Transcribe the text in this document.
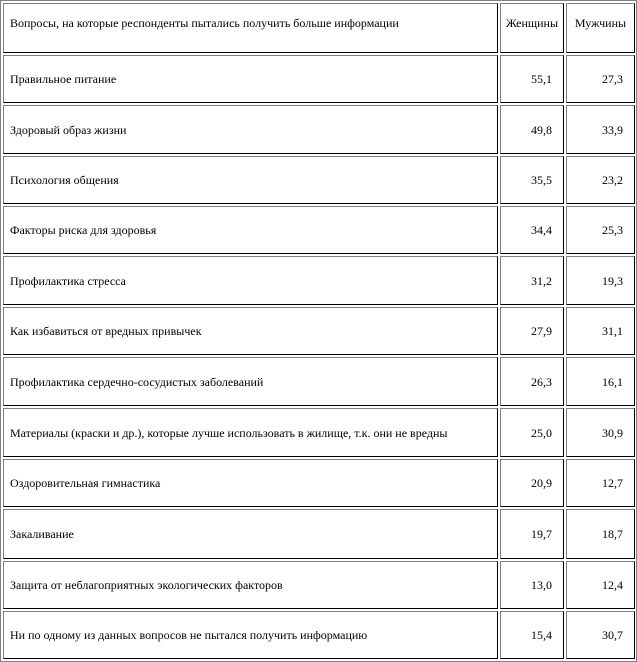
Вопросы, на которые респонденты пытались получить больше информации	Женщины Мужчины
Правильное питание	55,1	27,3
Здоровый образ жизни	49,8	33,9
Психология общения	35,5	23,2
Факторы риска для здоровья	34,4	25,3
Профилактика стресса	31,2	19,3
Как избавиться от вредных привычек	27,9	31,1
Профилактика сердечно-сосудистых заболеваний	26,3	16,1
Материалы (краски и др.), которые лучше использовать в жилище, т.к. они не вредны	25,0	30,9
Оздоровительная гимнастика	20,9	12,7
Закаливание	19,7	18,7
Защита от неблагоприятных экологических факторов	13,0	12,4
Ни по одному из данных вопросов не пытался получить информацию	15,4	30,7
